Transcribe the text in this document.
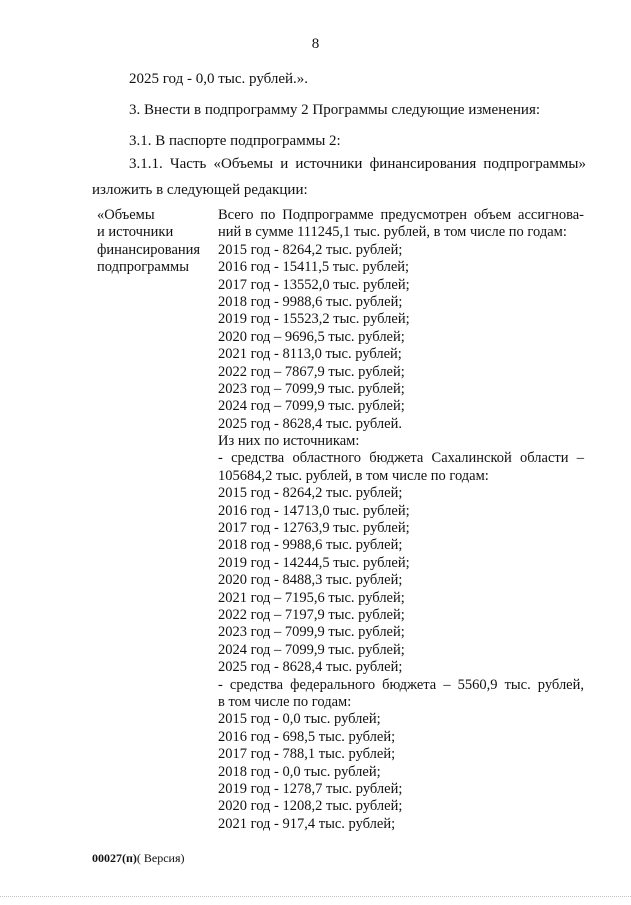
8
2025 год - 0,0 тыс. рублей.».
3. Внести в подпрограмму 2 Программы следующие изменения:
3.1. В паспорте подпрограммы 2:
3.1.1. Часть «Объемы и источники финансирования подпрограммы»
изложить в следующей редакции:
«Объемы
и источники
финансирования
подпрограммы
Всего по Подпрограмме предусмотрен объем ассигнова-
ний в сумме 111245,1 тыс. рублей, в том числе по годам:
2015 год - 8264,2 тыс. рублей;
2016 год - 15411,5 тыс. рублей;
2017 год - 13552,0 тыс. рублей;
2018 год - 9988,6 тыс. рублей;
2019 год - 15523,2 тыс. рублей;
2020 год – 9696,5 тыс. рублей;
2021 год - 8113,0 тыс. рублей;
2022 год – 7867,9 тыс. рублей;
2023 год – 7099,9 тыс. рублей;
2024 год – 7099,9 тыс. рублей;
2025 год - 8628,4 тыс. рублей.
Из них по источникам:
- средства областного бюджета Сахалинской области –
105684,2 тыс. рублей, в том числе по годам:
2015 год - 8264,2 тыс. рублей;
2016 год - 14713,0 тыс. рублей;
2017 год - 12763,9 тыс. рублей;
2018 год - 9988,6 тыс. рублей;
2019 год - 14244,5 тыс. рублей;
2020 год - 8488,3 тыс. рублей;
2021 год – 7195,6 тыс. рублей;
2022 год – 7197,9 тыс. рублей;
2023 год – 7099,9 тыс. рублей;
2024 год – 7099,9 тыс. рублей;
2025 год - 8628,4 тыс. рублей;
- средства федерального бюджета – 5560,9 тыс. рублей,
в том числе по годам:
2015 год - 0,0 тыс. рублей;
2016 год - 698,5 тыс. рублей;
2017 год - 788,1 тыс. рублей;
2018 год - 0,0 тыс. рублей;
2019 год - 1278,7 тыс. рублей;
2020 год - 1208,2 тыс. рублей;
2021 год - 917,4 тыс. рублей;
00027(п)( Версия)
